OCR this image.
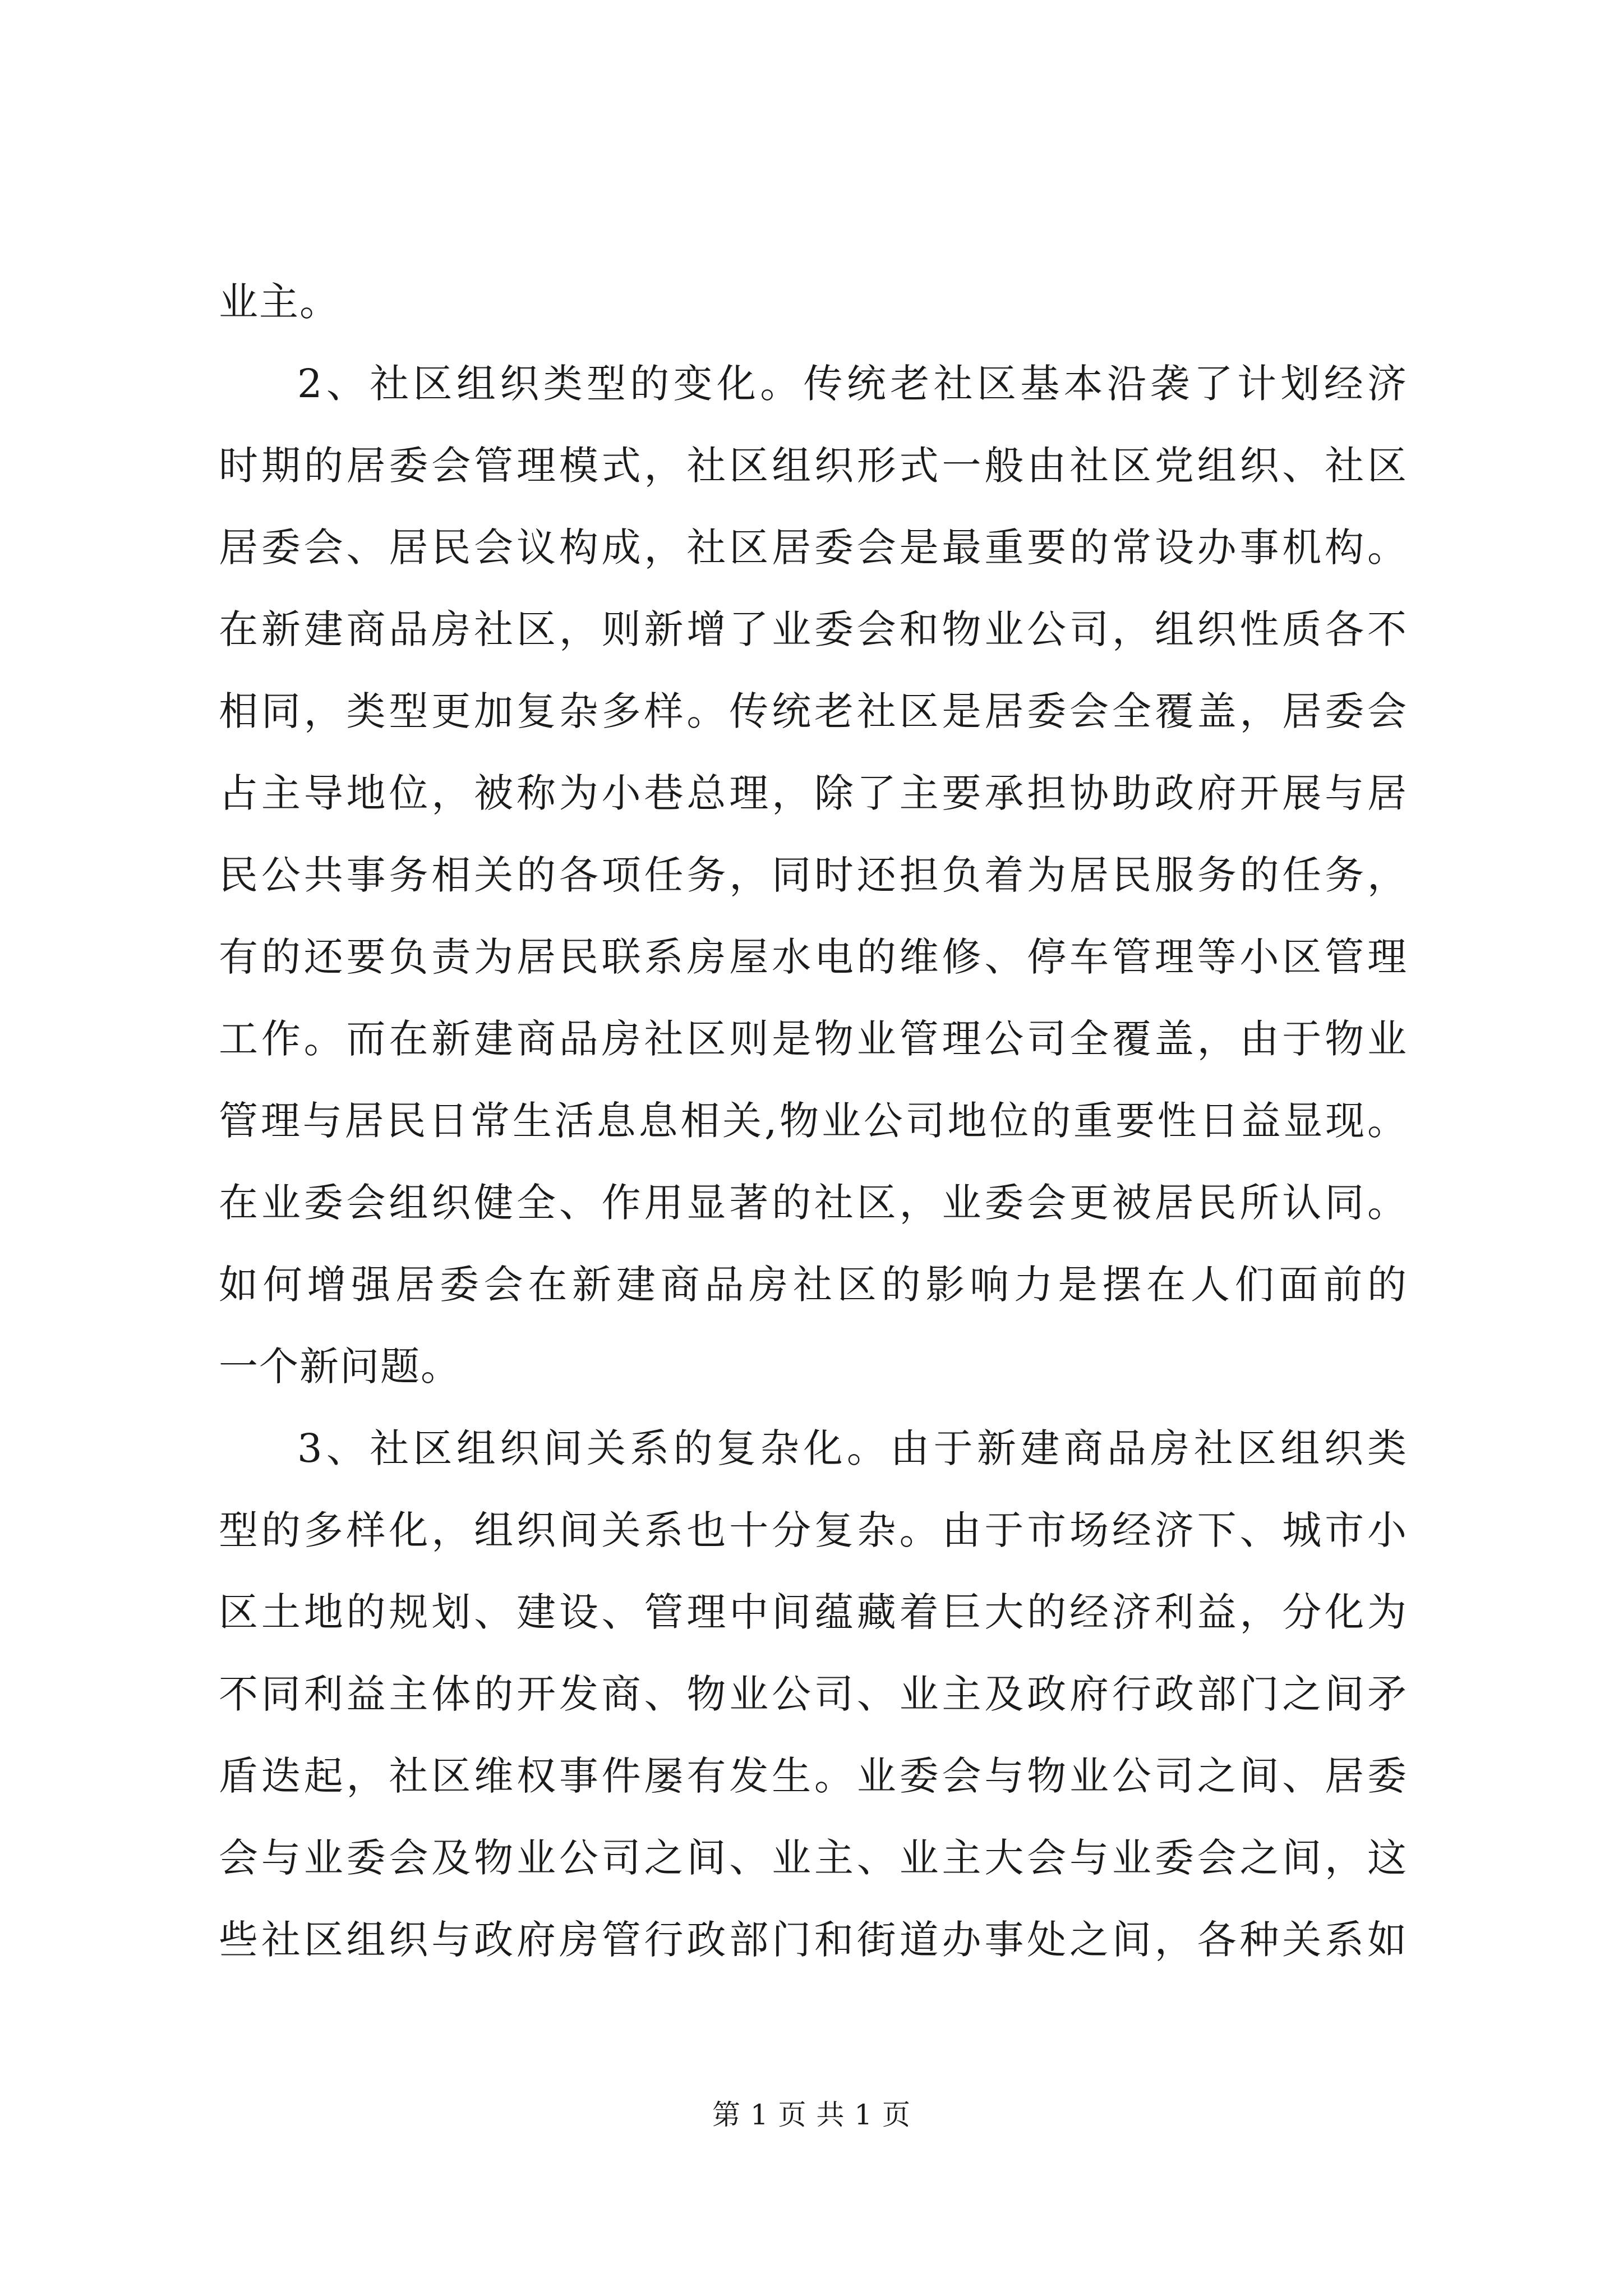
业主。
2、社区组织类型的变化。传统老社区基本沿袭了计划经济
时期的居委会管理模式，社区组织形式一般由社区党组织、社区
居委会、居民会议构成，社区居委会是最重要的常设办事机构。
在新建商品房社区，则新增了业委会和物业公司，组织性质各不
相同，类型更加复杂多样。传统老社区是居委会全覆盖，居委会
占主导地位，被称为小巷总理，除了主要承担协助政府开展与居
民公共事务相关的各项任务，同时还担负着为居民服务的任务，
有的还要负责为居民联系房屋水电的维修、停车管理等小区管理
工作。而在新建商品房社区则是物业管理公司全覆盖，由于物业
管理与居民日常生活息息相关,物业公司地位的重要性日益显现。
在业委会组织健全、作用显著的社区，业委会更被居民所认同。
如何增强居委会在新建商品房社区的影响力是摆在人们面前的
一个新问题。
3、社区组织间关系的复杂化。由于新建商品房社区组织类
型的多样化，组织间关系也十分复杂。由于市场经济下、城市小
区土地的规划、建设、管理中间蕴藏着巨大的经济利益，分化为
不同利益主体的开发商、物业公司、业主及政府行政部门之间矛
盾迭起，社区维权事件屡有发生。业委会与物业公司之间、居委
会与业委会及物业公司之间、业主、业主大会与业委会之间，这
些社区组织与政府房管行政部门和街道办事处之间，各种关系如
第 1 页 共 1 页
